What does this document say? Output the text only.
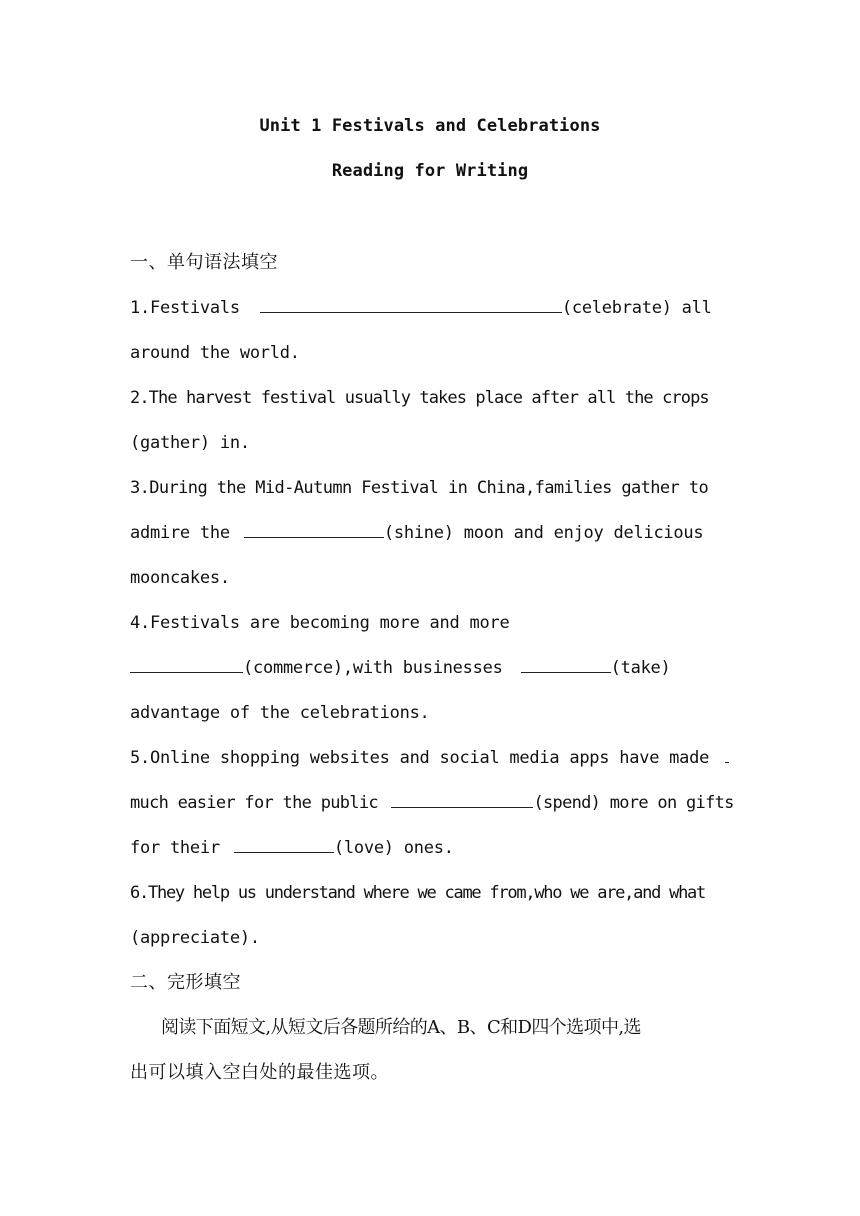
Unit 1 Festivals and Celebrations
Reading for Writing
一、单句语法填空
1.Festivals	(celebrate) all
around the world.
2.The harvest festival usually takes place after all the crops
(gather) in.
3.During the Mid-Autumn Festival in China,families gather to
admire the	(shine) moon and enjoy delicious
mooncakes.
4.Festivals are becoming more and more
(commerce),with businesses	(take)
advantage of the celebrations.
5.Online shopping websites and social media apps have made
much easier for the public	(spend) more on gifts
for their	(love) ones.
6.They help us understand where we came from,who we are,and what
(appreciate).
二、完形填空
阅读下面短文,从短文后各题所给的A、B、C和D四个选项中,选
出可以填入空白处的最佳选项。
